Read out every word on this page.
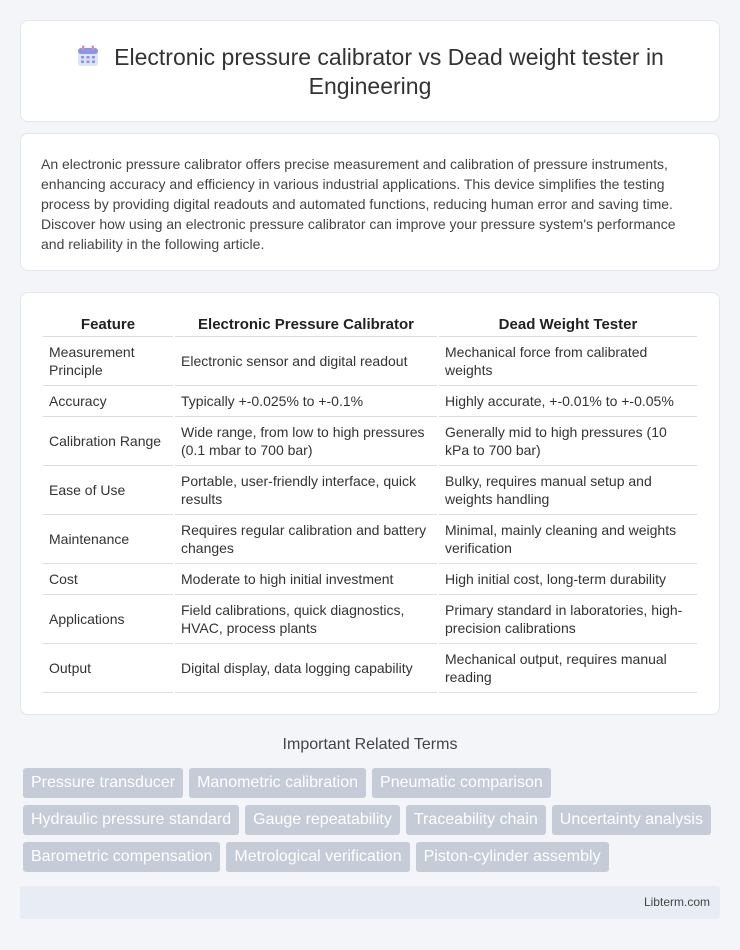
Electronic pressure calibrator vs Dead weight tester in Engineering

An electronic pressure calibrator offers precise measurement and calibration of pressure instruments, enhancing accuracy and efficiency in various industrial applications. This device simplifies the testing process by providing digital readouts and automated functions, reducing human error and saving time. Discover how using an electronic pressure calibrator can improve your pressure system's performance and reliability in the following article.

Feature	Electronic Pressure Calibrator	Dead Weight Tester
Measurement Principle	Electronic sensor and digital readout	Mechanical force from calibrated weights
Accuracy	Typically +-0.025% to +-0.1%	Highly accurate, +-0.01% to +-0.05%
Calibration Range	Wide range, from low to high pressures (0.1 mbar to 700 bar)	Generally mid to high pressures (10 kPa to 700 bar)
Ease of Use	Portable, user-friendly interface, quick results	Bulky, requires manual setup and weights handling
Maintenance	Requires regular calibration and battery changes	Minimal, mainly cleaning and weights verification
Cost	Moderate to high initial investment	High initial cost, long-term durability
Applications	Field calibrations, quick diagnostics, HVAC, process plants	Primary standard in laboratories, high-precision calibrations
Output	Digital display, data logging capability	Mechanical output, requires manual reading
Important Related Terms
Pressure transducer	Manometric calibration	Pneumatic comparison
Hydraulic pressure standard	Gauge repeatability	Traceability chain	Uncertainty analysis
Barometric compensation	Metrological verification	Piston-cylinder assembly
Libterm.com
